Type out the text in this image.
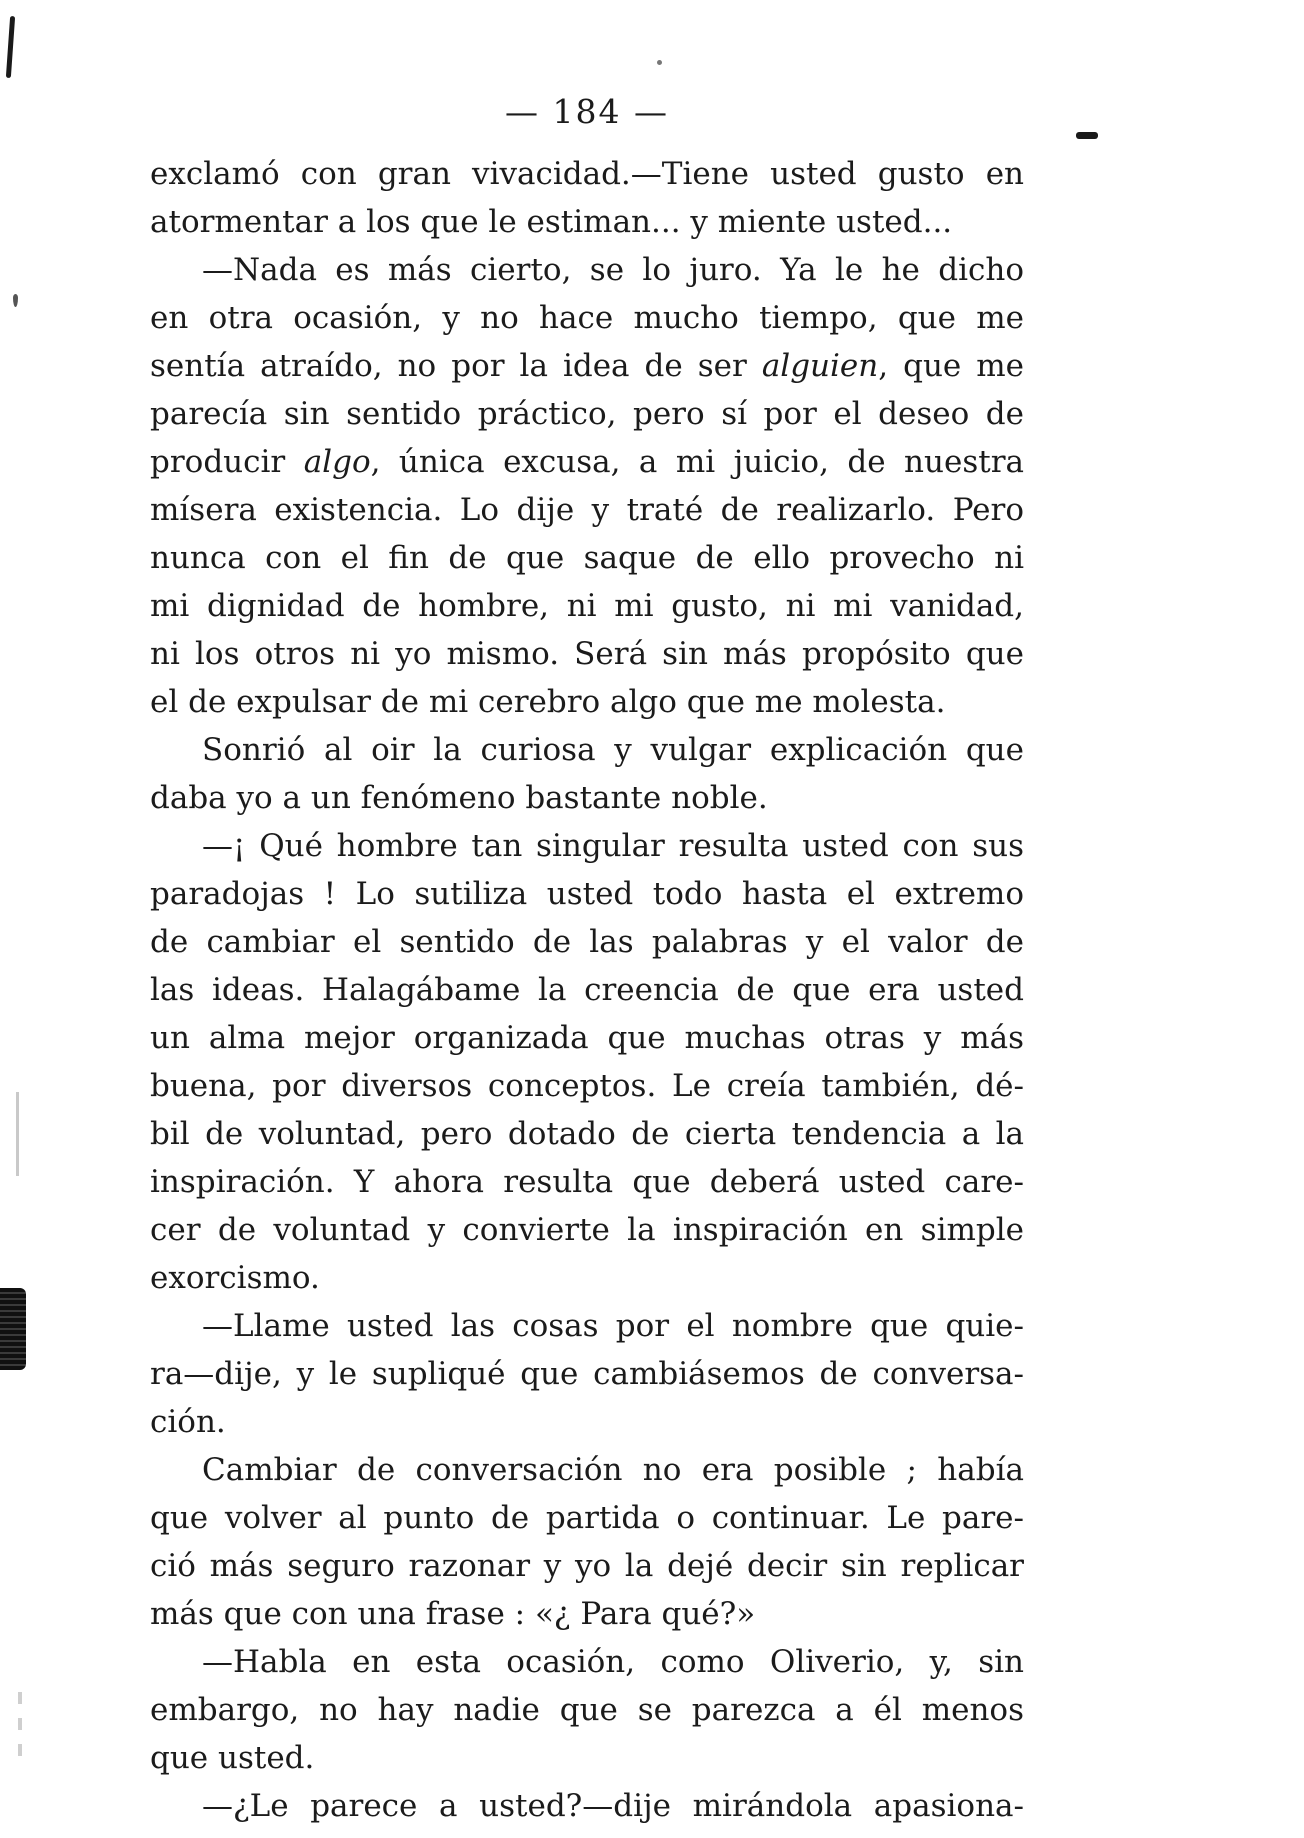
— 184 —
exclamó con gran vivacidad.—Tiene usted gusto en
atormentar a los que le estiman... y miente usted...
—Nada es más cierto, se lo juro. Ya le he dicho
en otra ocasión, y no hace mucho tiempo, que me
sentía atraído, no por la idea de ser alguien, que me
parecía sin sentido práctico, pero sí por el deseo de
producir algo, única excusa, a mi juicio, de nuestra
mísera existencia. Lo dije y traté de realizarlo. Pero
nunca con el fin de que saque de ello provecho ni
mi dignidad de hombre, ni mi gusto, ni mi vanidad,
ni los otros ni yo mismo. Será sin más propósito que
el de expulsar de mi cerebro algo que me molesta.
Sonrió al oir la curiosa y vulgar explicación que
daba yo a un fenómeno bastante noble.
—¡ Qué hombre tan singular resulta usted con sus
paradojas ! Lo sutiliza usted todo hasta el extremo
de cambiar el sentido de las palabras y el valor de
las ideas. Halagábame la creencia de que era usted
un alma mejor organizada que muchas otras y más
buena, por diversos conceptos. Le creía también, dé-
bil de voluntad, pero dotado de cierta tendencia a la
inspiración. Y ahora resulta que deberá usted care-
cer de voluntad y convierte la inspiración en simple
exorcismo.
—Llame usted las cosas por el nombre que quie-
ra—dije, y le supliqué que cambiásemos de conversa-
ción.
Cambiar de conversación no era posible ; había
que volver al punto de partida o continuar. Le pare-
ció más seguro razonar y yo la dejé decir sin replicar
más que con una frase : «¿ Para qué?»
—Habla en esta ocasión, como Oliverio, y, sin
embargo, no hay nadie que se parezca a él menos
que usted.
—¿Le parece a usted?—dije mirándola apasiona-
